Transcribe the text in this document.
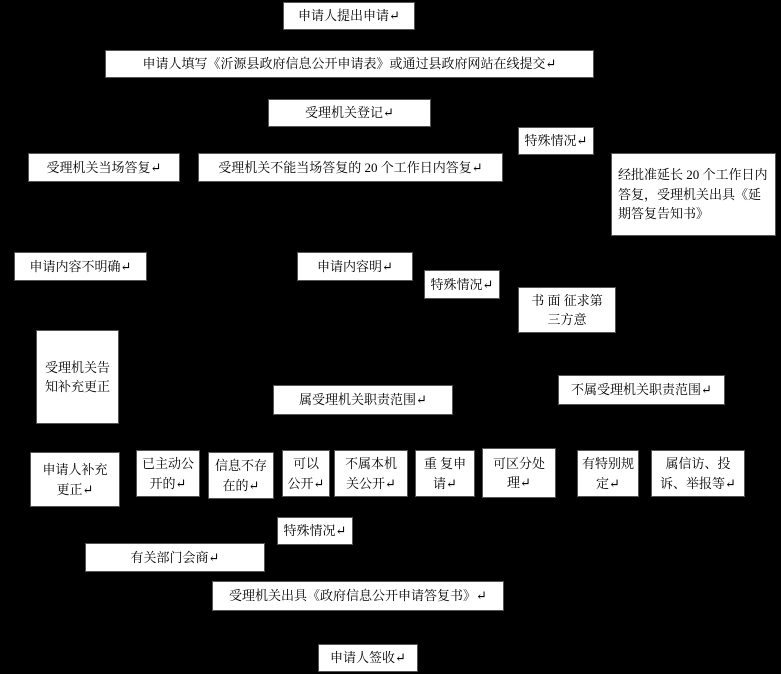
申请人提出申请↵
申请人填写《沂源县政府信息公开申请表》或通过县政府网站在线提交↵
受理机关登记↵
特殊情况↵
受理机关当场答复↵	受理机关不能当场答复的 20 个工作日内答复↵
经批准延长 20 个工作日内答复，受理机关出具《延期答复告知书》
申请内容不明确↵	申请内容明↵
特殊情况↵
书 面 征求第三方意
受理机关告知补充更正
属受理机关职责范围↵
不属受理机关职责范围↵
申请人补充更正↵
已主动公开的↵
信息不存在的↵
可以公开↵
不属本机关公开↵
重 复申请↵
可区分处理↵
有特别规定↵
属信访、投诉、举报等↵
特殊情况↵
有关部门会商↵
受理机关出具《政府信息公开申请答复书》↵
申请人签收↵
